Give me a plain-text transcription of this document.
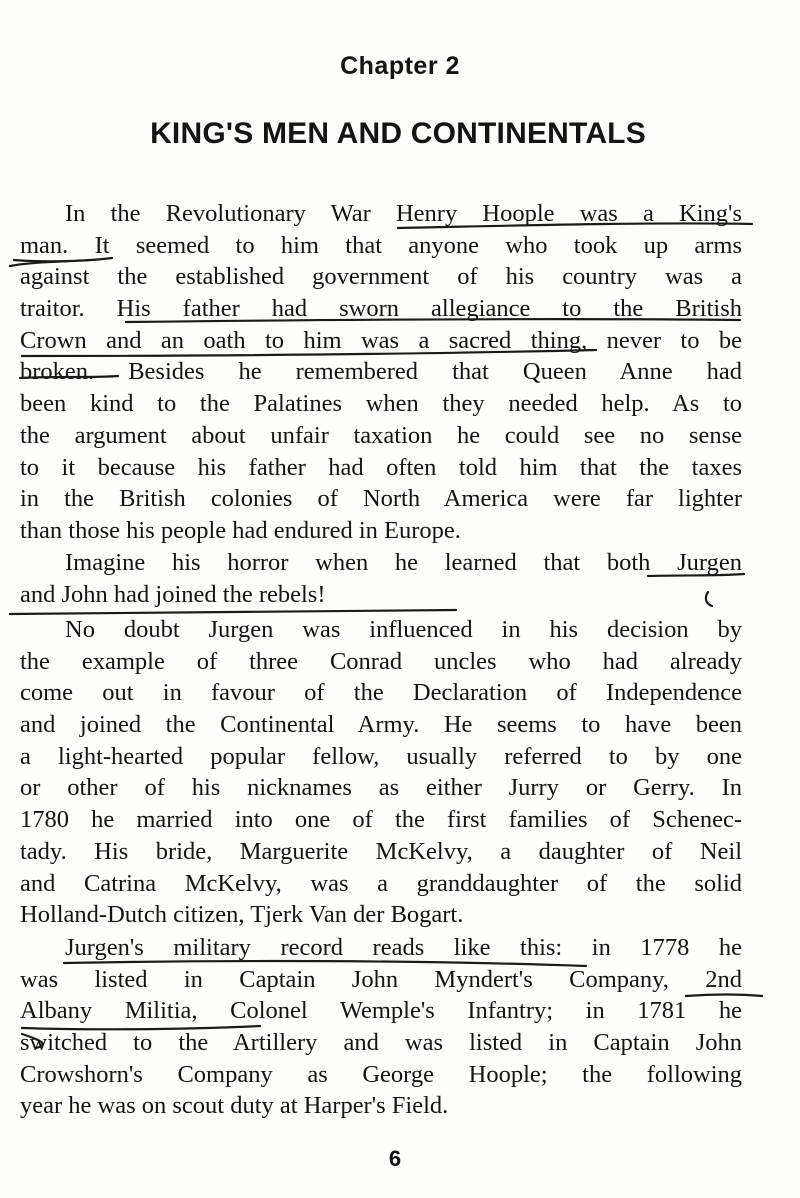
Chapter 2
KING'S MEN AND CONTINENTALS
In the Revolutionary War Henry Hoople was a King's
man. It seemed to him that anyone who took up arms
against the established government of his country was a
traitor. His father had sworn allegiance to the British
Crown and an oath to him was a sacred thing, never to be
broken. Besides he remembered that Queen Anne had
been kind to the Palatines when they needed help. As to
the argument about unfair taxation he could see no sense
to it because his father had often told him that the taxes
in the British colonies of North America were far lighter
than those his people had endured in Europe.
Imagine his horror when he learned that both Jurgen
and John had joined the rebels!
No doubt Jurgen was influenced in his decision by
the example of three Conrad uncles who had already
come out in favour of the Declaration of Independence
and joined the Continental Army. He seems to have been
a light-hearted popular fellow, usually referred to by one
or other of his nicknames as either Jurry or Gerry. In
1780 he married into one of the first families of Schenec-
tady. His bride, Marguerite McKelvy, a daughter of Neil
and Catrina McKelvy, was a granddaughter of the solid
Holland-Dutch citizen, Tjerk Van der Bogart.
Jurgen's military record reads like this: in 1778 he
was listed in Captain John Myndert's Company, 2nd
Albany Militia, Colonel Wemple's Infantry; in 1781 he
switched to the Artillery and was listed in Captain John
Crowshorn's Company as George Hoople; the following
year he was on scout duty at Harper's Field.
6
